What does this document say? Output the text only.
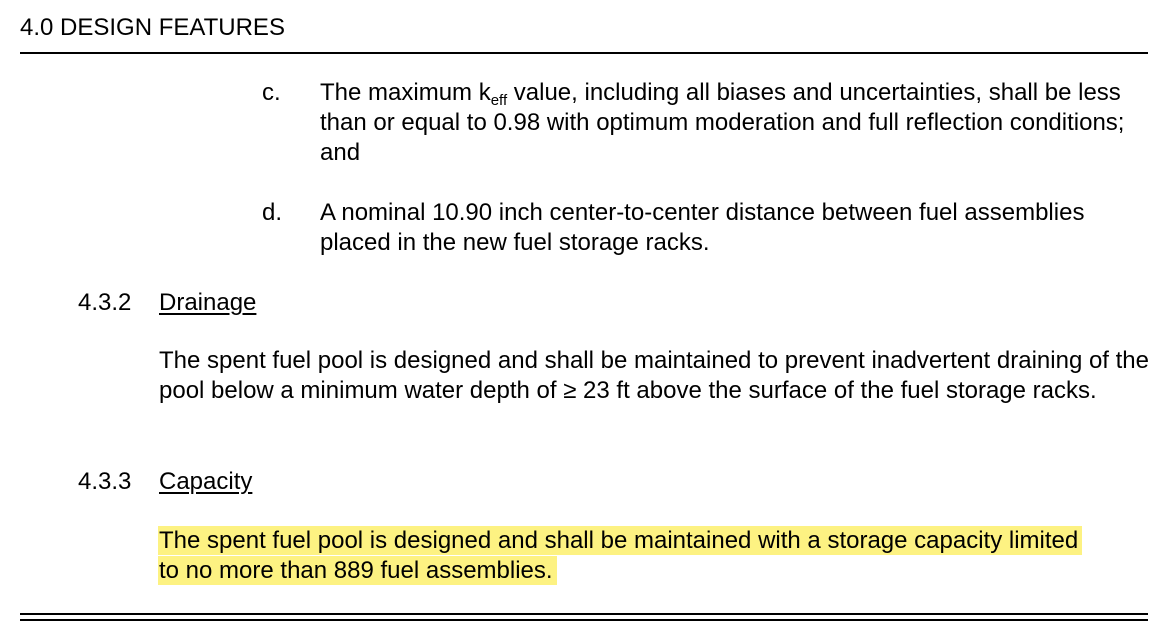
4.0 DESIGN FEATURES
c. The maximum $k_{eff}$ value, including all biases and uncertainties, shall be less than or equal to 0.98 with optimum moderation and full reflection conditions; and
d. A nominal 10.90 inch center-to-center distance between fuel assemblies placed in the new fuel storage racks.
4.3.2 Drainage
The spent fuel pool is designed and shall be maintained to prevent inadvertent draining of the pool below a minimum water depth of ≥ 23 ft above the surface of the fuel storage racks.
4.3.3 Capacity
The spent fuel pool is designed and shall be maintained with a storage capacity limited to no more than 889 fuel assemblies.
